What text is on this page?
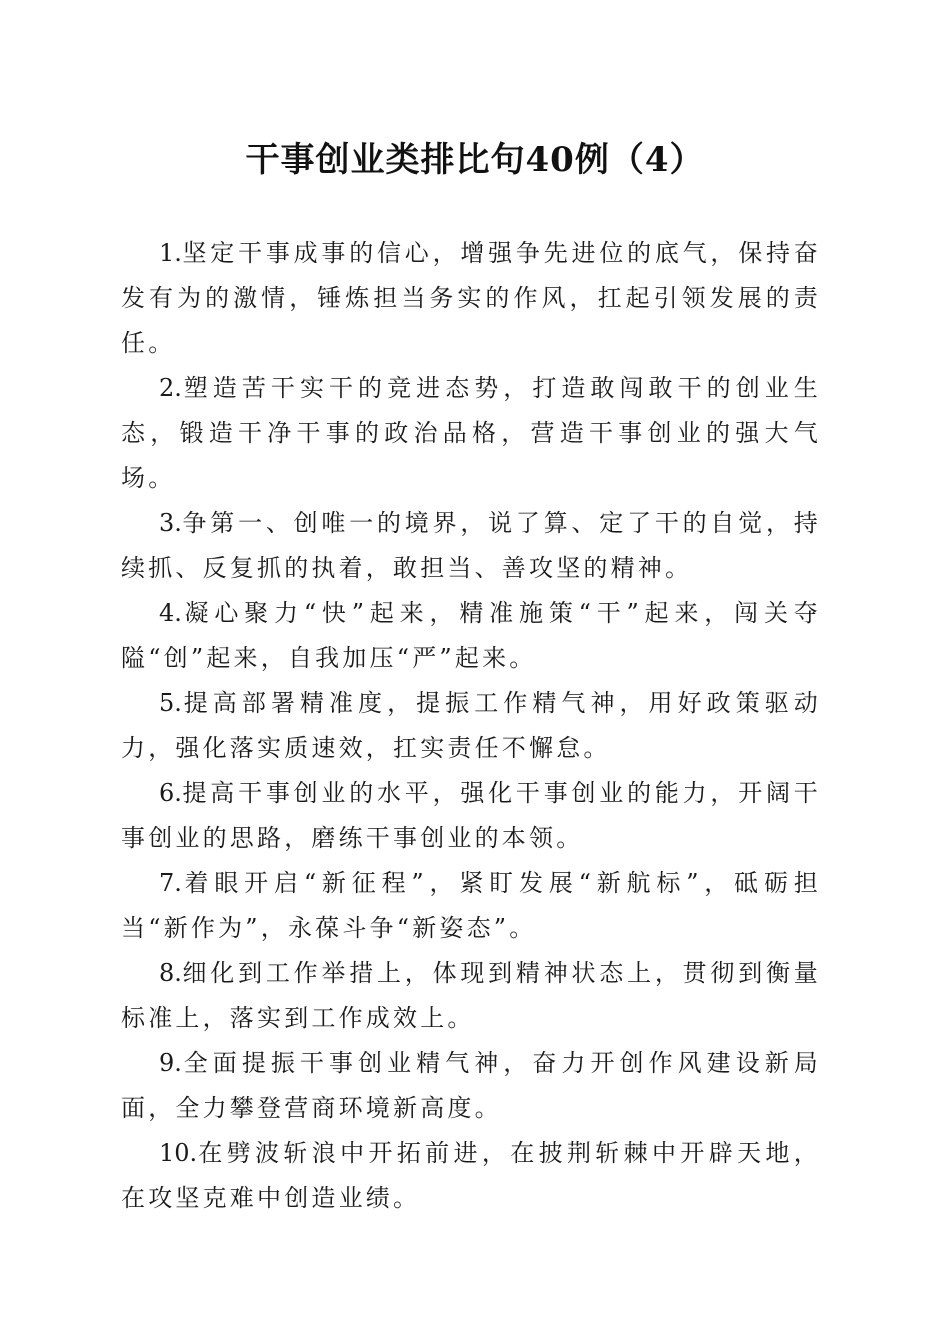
干事创业类排比句40例（4）

1.坚定干事成事的信心，增强争先进位的底气，保持奋发有为的激情，锤炼担当务实的作风，扛起引领发展的责任。

2.塑造苦干实干的竞进态势，打造敢闯敢干的创业生态，锻造干净干事的政治品格，营造干事创业的强大气场。

3.争第一、创唯一的境界，说了算、定了干的自觉，持续抓、反复抓的执着，敢担当、善攻坚的精神。

4.凝心聚力“快”起来，精准施策“干”起来，闯关夺隘“创”起来，自我加压“严”起来。

5.提高部署精准度，提振工作精气神，用好政策驱动力，强化落实质速效，扛实责任不懈怠。

6.提高干事创业的水平，强化干事创业的能力，开阔干事创业的思路，磨练干事创业的本领。

7.着眼开启“新征程”，紧盯发展“新航标”，砥砺担当“新作为”，永葆斗争“新姿态”。

8.细化到工作举措上，体现到精神状态上，贯彻到衡量标准上，落实到工作成效上。

9.全面提振干事创业精气神，奋力开创作风建设新局面，全力攀登营商环境新高度。

10.在劈波斩浪中开拓前进，在披荆斩棘中开辟天地，在攻坚克难中创造业绩。
